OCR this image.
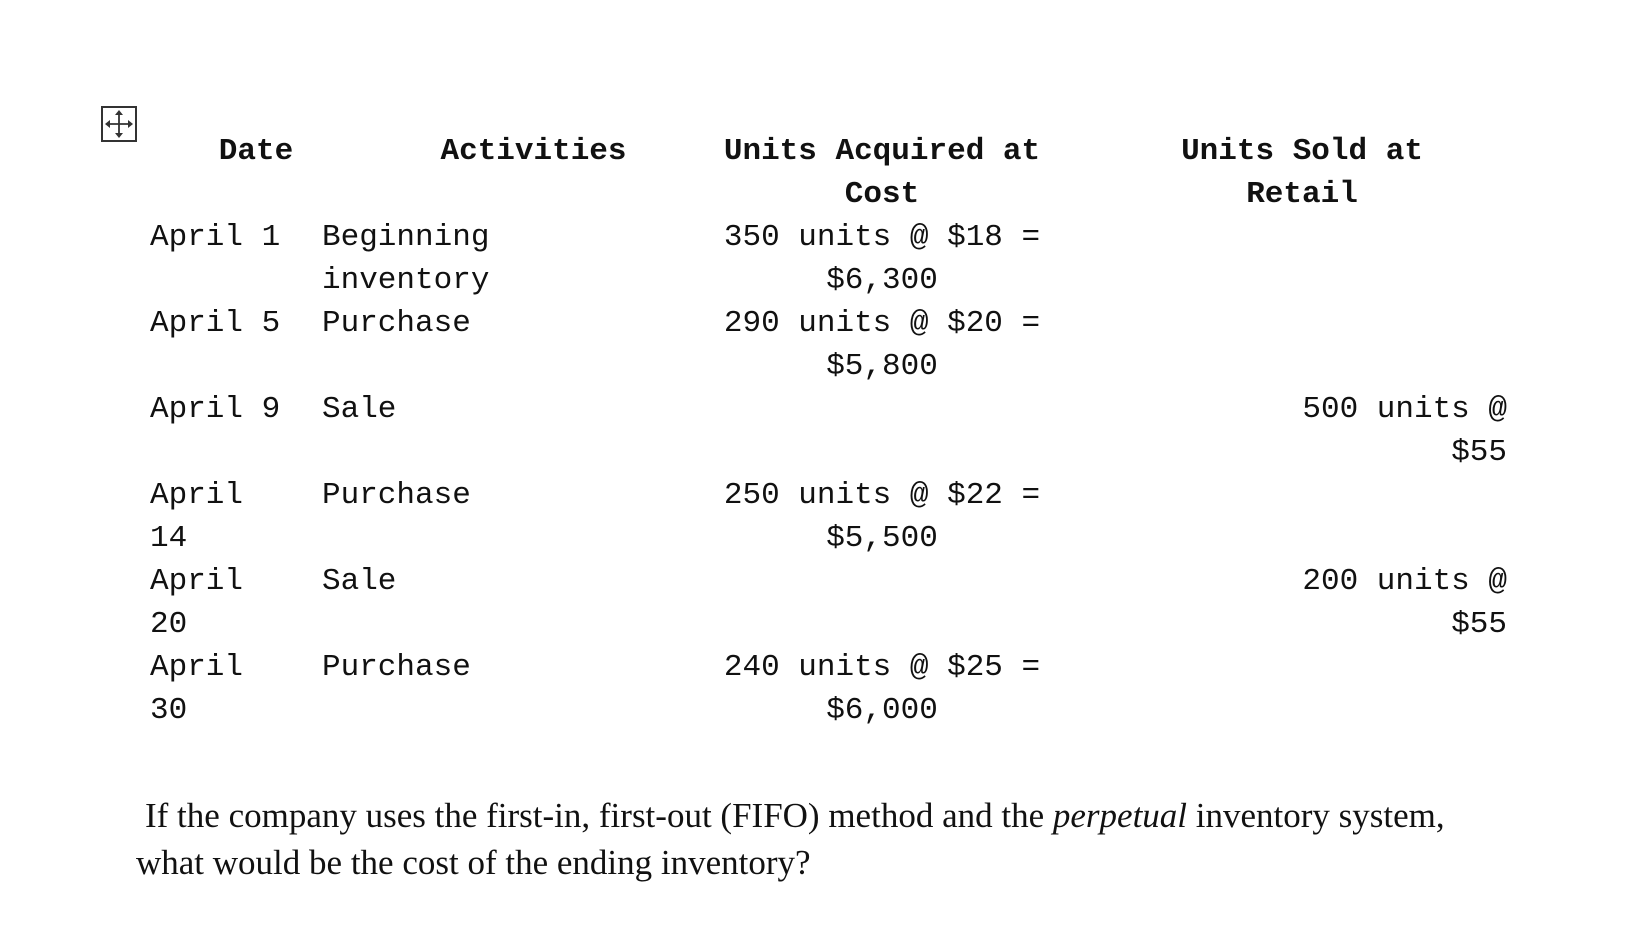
Date	Activities	Units Acquired at Cost	Units Sold at Retail

April 1	Beginning inventory	350 units @ $18 = $6,300	

April 5	Purchase	290 units @ $20 = $5,800	

April 9	Sale		500 units @ $55

April 14	Purchase	250 units @ $22 = $5,500	

April 20	Sale		200 units @ $55

April 30	Purchase	240 units @ $25 = $6,000	

If the company uses the first-in, first-out (FIFO) method and the perpetual inventory system,
what would be the cost of the ending inventory?
